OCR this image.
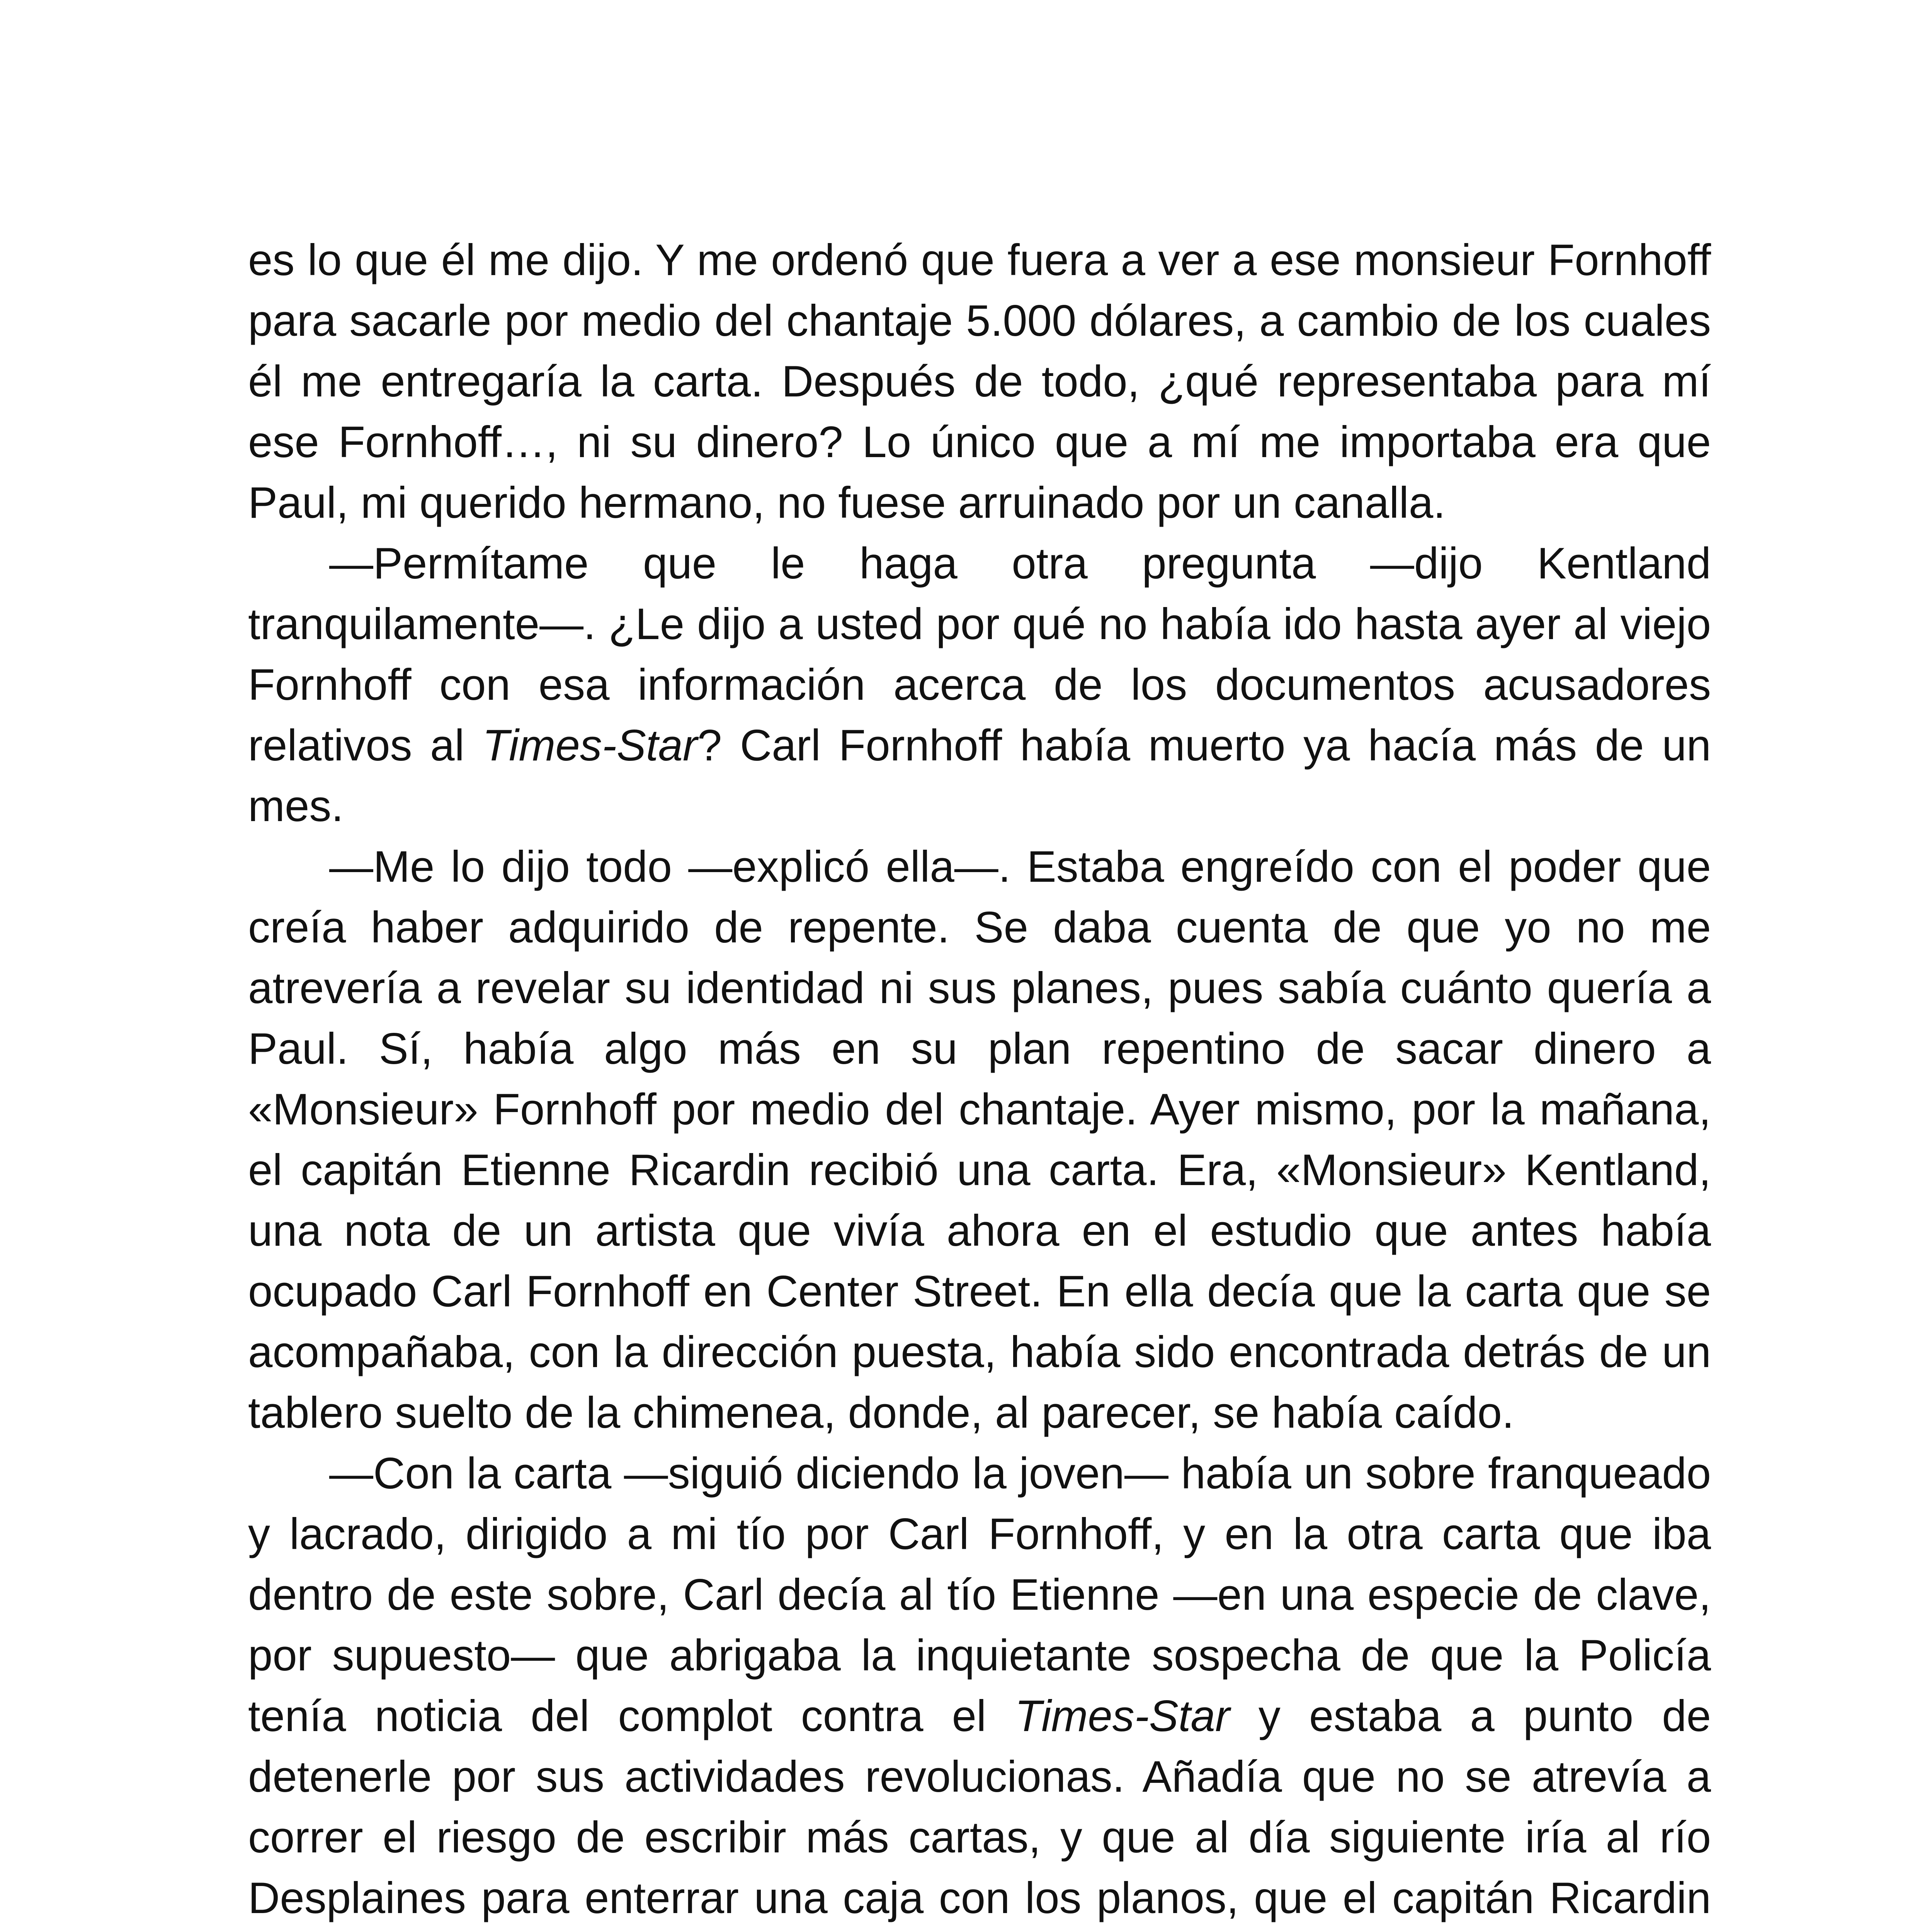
es lo que él me dijo. Y me ordenó que fuera a ver a ese monsieur Fornhoff para sacarle por medio del chantaje 5.000 dólares, a cambio de los cuales él me entregaría la carta. Después de todo, ¿qué representaba para mí ese Fornhoff…, ni su dinero? Lo único que a mí me importaba era que Paul, mi querido hermano, no fuese arruinado por un canalla.

—Permítame que le haga otra pregunta —dijo Kentland tranquilamente—. ¿Le dijo a usted por qué no había ido hasta ayer al viejo Fornhoff con esa información acerca de los documentos acusadores relativos al Times-Star? Carl Fornhoff había muerto ya hacía más de un mes.

—Me lo dijo todo —explicó ella—. Estaba engreído con el poder que creía haber adquirido de repente. Se daba cuenta de que yo no me atrevería a revelar su identidad ni sus planes, pues sabía cuánto quería a Paul. Sí, había algo más en su plan repentino de sacar dinero a «Monsieur» Fornhoff por medio del chantaje. Ayer mismo, por la mañana, el capitán Etienne Ricardin recibió una carta. Era, «Monsieur» Kentland, una nota de un artista que vivía ahora en el estudio que antes había ocupado Carl Fornhoff en Center Street. En ella decía que la carta que se acompañaba, con la dirección puesta, había sido encontrada detrás de un tablero suelto de la chimenea, donde, al parecer, se había caído.

—Con la carta —siguió diciendo la joven— había un sobre franqueado y lacrado, dirigido a mi tío por Carl Fornhoff, y en la otra carta que iba dentro de este sobre, Carl decía al tío Etienne —en una especie de clave, por supuesto— que abrigaba la inquietante sospecha de que la Policía tenía noticia del complot contra el Times-Star y estaba a punto de detenerle por sus actividades revolucionas. Añadía que no se atrevía a correr el riesgo de escribir más cartas, y que al día siguiente iría al río Desplaines para enterrar una caja con los planos, que el capitán Ricardin
